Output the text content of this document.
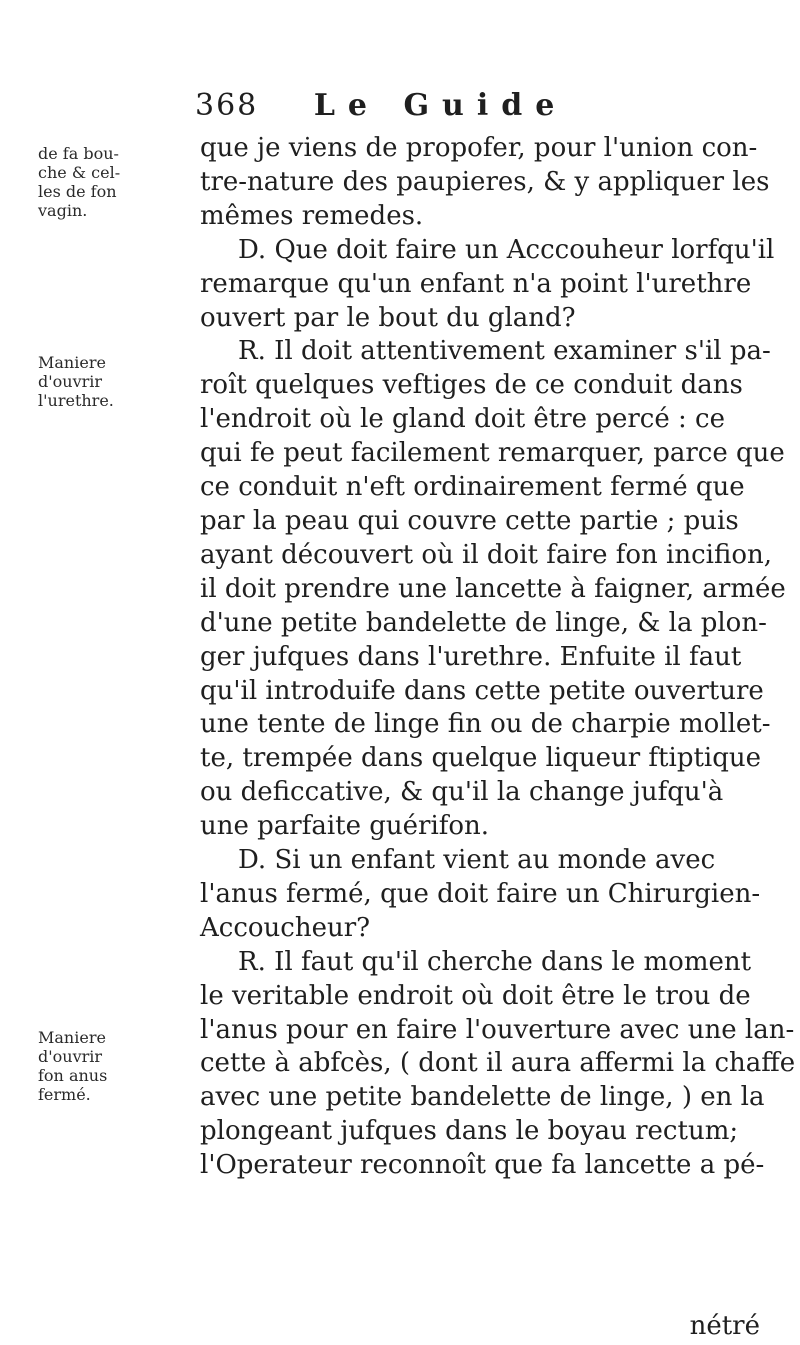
368 Le Guide
de fa bou-
che & cel-
les de fon
vagin.
Maniere
d'ouvrir
l'urethre.
Maniere
d'ouvrir
fon anus
fermé.
que je viens de propofer, pour l'union con-
tre-nature des paupieres, & y appliquer les
mêmes remedes.
D. Que doit faire un Acccouheur lorfqu'il
remarque qu'un enfant n'a point l'urethre
ouvert par le bout du gland?
R. Il doit attentivement examiner s'il pa-
roît quelques veftiges de ce conduit dans
l'endroit où le gland doit être percé : ce
qui fe peut facilement remarquer, parce que
ce conduit n'eft ordinairement fermé que
par la peau qui couvre cette partie ; puis
ayant découvert où il doit faire fon incifion,
il doit prendre une lancette à faigner, armée
d'une petite bandelette de linge, & la plon-
ger jufques dans l'urethre. Enfuite il faut
qu'il introduife dans cette petite ouverture
une tente de linge fin ou de charpie mollet-
te, trempée dans quelque liqueur ftiptique
ou deficcative, & qu'il la change jufqu'à
une parfaite guérifon.
D. Si un enfant vient au monde avec
l'anus fermé, que doit faire un Chirurgien-
Accoucheur?
R. Il faut qu'il cherche dans le moment
le veritable endroit où doit être le trou de
l'anus pour en faire l'ouverture avec une lan-
cette à abfcès, ( dont il aura affermi la chaffe
avec une petite bandelette de linge, ) en la
plongeant jufques dans le boyau rectum;
l'Operateur reconnoît que fa lancette a pé-
nétré
